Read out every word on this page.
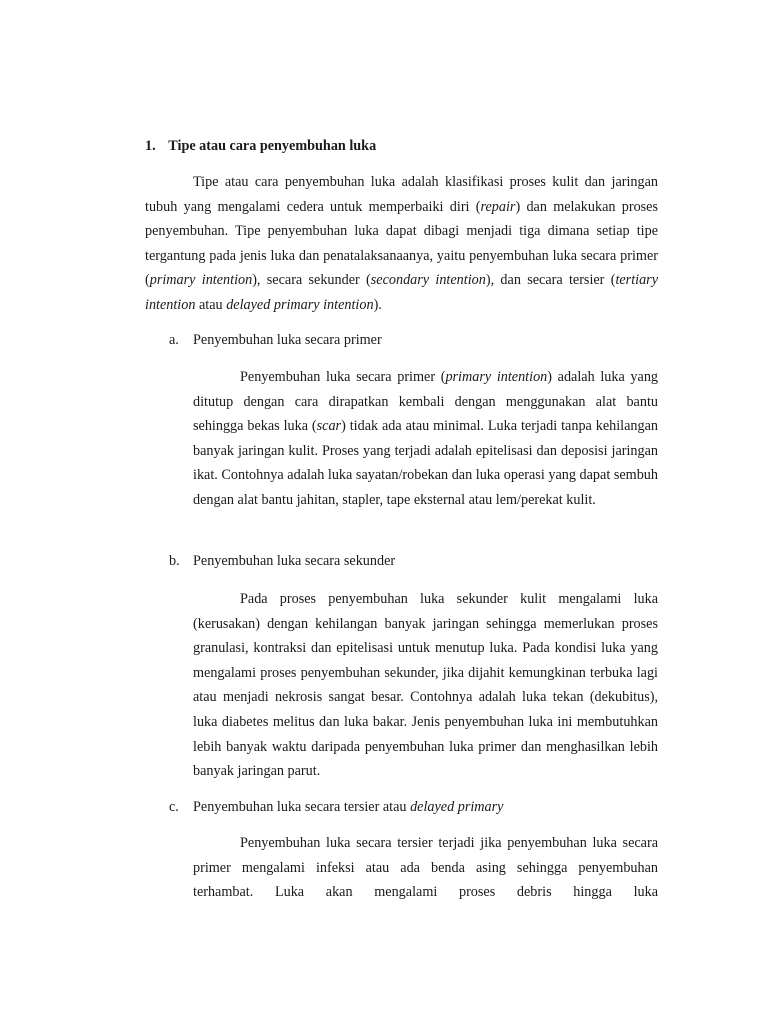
1. Tipe atau cara penyembuhan luka

Tipe atau cara penyembuhan luka adalah klasifikasi proses kulit dan jaringan tubuh yang mengalami cedera untuk memperbaiki diri (repair) dan melakukan proses penyembuhan. Tipe penyembuhan luka dapat dibagi menjadi tiga dimana setiap tipe tergantung pada jenis luka dan penatalaksanaanya, yaitu penyembuhan luka secara primer (primary intention), secara sekunder (secondary intention), dan secara tersier (tertiary intention atau delayed primary intention).

a. Penyembuhan luka secara primer

Penyembuhan luka secara primer (primary intention) adalah luka yang ditutup dengan cara dirapatkan kembali dengan menggunakan alat bantu sehingga bekas luka (scar) tidak ada atau minimal. Luka terjadi tanpa kehilangan banyak jaringan kulit. Proses yang terjadi adalah epitelisasi dan deposisi jaringan ikat. Contohnya adalah luka sayatan/robekan dan luka operasi yang dapat sembuh dengan alat bantu jahitan, stapler, tape eksternal atau lem/perekat kulit.

b. Penyembuhan luka secara sekunder

Pada proses penyembuhan luka sekunder kulit mengalami luka (kerusakan) dengan kehilangan banyak jaringan sehingga memerlukan proses granulasi, kontraksi dan epitelisasi untuk menutup luka. Pada kondisi luka yang mengalami proses penyembuhan sekunder, jika dijahit kemungkinan terbuka lagi atau menjadi nekrosis sangat besar. Contohnya adalah luka tekan (dekubitus), luka diabetes melitus dan luka bakar. Jenis penyembuhan luka ini membutuhkan lebih banyak waktu daripada penyembuhan luka primer dan menghasilkan lebih banyak jaringan parut.

c. Penyembuhan luka secara tersier atau delayed primary

Penyembuhan luka secara tersier terjadi jika penyembuhan luka secara primer mengalami infeksi atau ada benda asing sehingga penyembuhan terhambat. Luka akan mengalami proses debris hingga luka
